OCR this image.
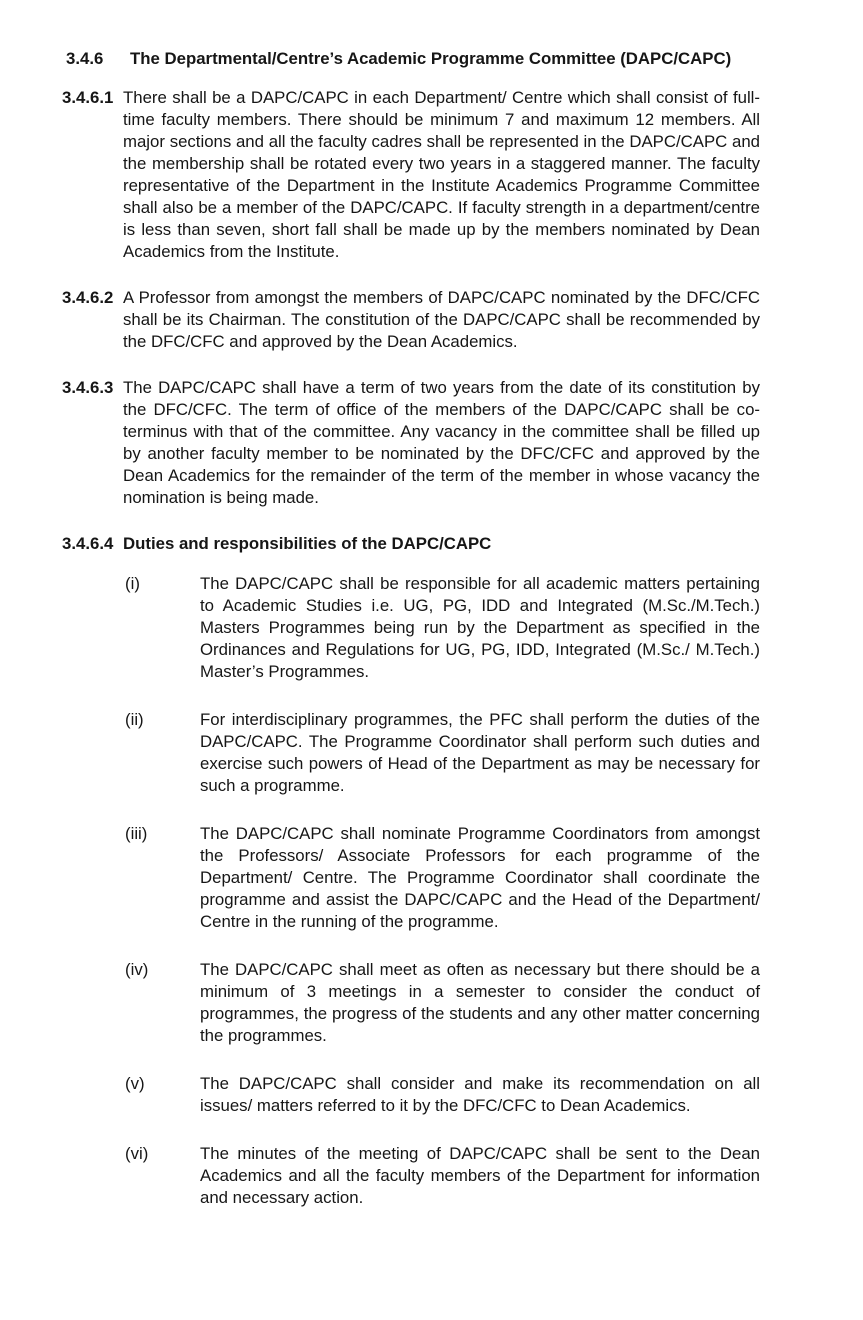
3.4.6	The Departmental/Centre’s Academic Programme Committee (DAPC/CAPC)
3.4.6.1 There shall be a DAPC/CAPC in each Department/ Centre which shall consist of full-time faculty members. There should be minimum 7 and maximum 12 members. All major sections and all the faculty cadres shall be represented in the DAPC/CAPC and the membership shall be rotated every two years in a staggered manner. The faculty representative of the Department in the Institute Academics Programme Committee shall also be a member of the DAPC/CAPC. If faculty strength in a department/centre is less than seven, short fall shall be made up by the members nominated by Dean Academics from the Institute.
3.4.6.2 A Professor from amongst the members of DAPC/CAPC nominated by the DFC/CFC shall be its Chairman. The constitution of the DAPC/CAPC shall be recommended by the DFC/CFC and approved by the Dean Academics.
3.4.6.3 The DAPC/CAPC shall have a term of two years from the date of its constitution by the DFC/CFC. The term of office of the members of the DAPC/CAPC shall be co-terminus with that of the committee. Any vacancy in the committee shall be filled up by another faculty member to be nominated by the DFC/CFC and approved by the Dean Academics for the remainder of the term of the member in whose vacancy the nomination is being made.
3.4.6.4 Duties and responsibilities of the DAPC/CAPC
(i)	The DAPC/CAPC shall be responsible for all academic matters pertaining to Academic Studies i.e. UG, PG, IDD and Integrated (M.Sc./M.Tech.) Masters Programmes being run by the Department as specified in the Ordinances and Regulations for UG, PG, IDD, Integrated (M.Sc./ M.Tech.) Master’s Programmes.
(ii)	For interdisciplinary programmes, the PFC shall perform the duties of the DAPC/CAPC. The Programme Coordinator shall perform such duties and exercise such powers of Head of the Department as may be necessary for such a programme.
(iii)	The DAPC/CAPC shall nominate Programme Coordinators from amongst the Professors/ Associate Professors for each programme of the Department/ Centre. The Programme Coordinator shall coordinate the programme and assist the DAPC/CAPC and the Head of the Department/ Centre in the running of the programme.
(iv)	The DAPC/CAPC shall meet as often as necessary but there should be a minimum of 3 meetings in a semester to consider the conduct of programmes, the progress of the students and any other matter concerning the programmes.
(v)	The DAPC/CAPC shall consider and make its recommendation on all issues/ matters referred to it by the DFC/CFC to Dean Academics.
(vi)	The minutes of the meeting of DAPC/CAPC shall be sent to the Dean Academics and all the faculty members of the Department for information and necessary action.
